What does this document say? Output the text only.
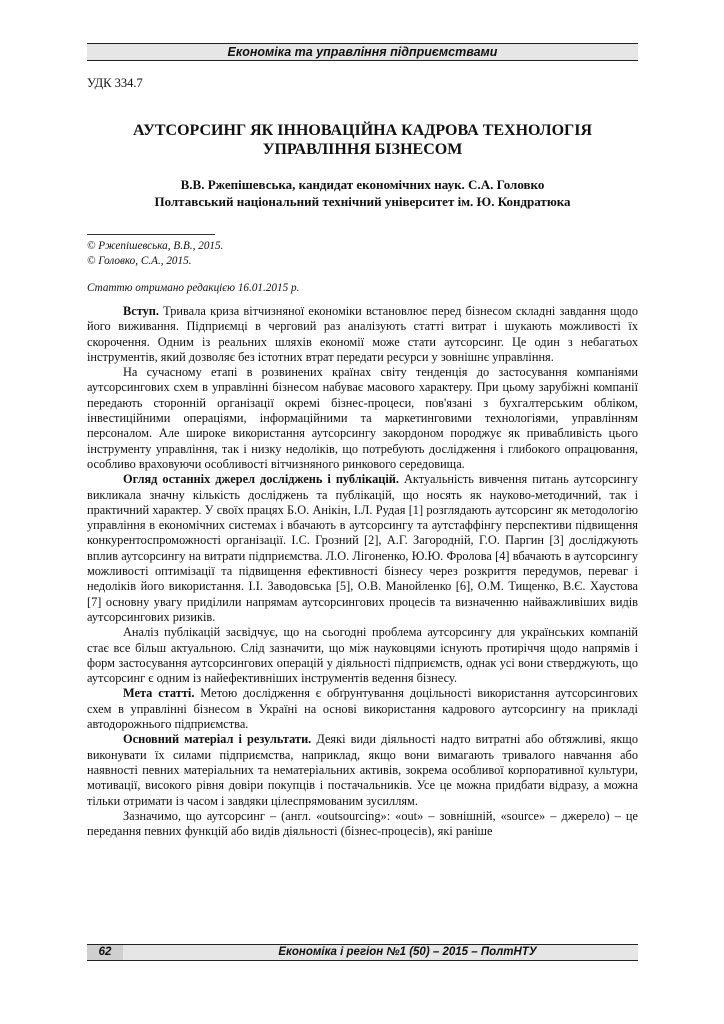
Економіка та управління підприємствами
УДК 334.7
АУТСОРСИНГ ЯК ІННОВАЦІЙНА КАДРОВА ТЕХНОЛОГІЯ
УПРАВЛІННЯ БІЗНЕСОМ
В.В. Ржепішевська, кандидат економічних наук. С.А. Головко
Полтавський національний технічний університет ім. Ю. Кондратюка
© Ржепішевська, В.В., 2015.
© Головко, С.А., 2015.
Статтю отримано редакцією 16.01.2015 р.

Вступ. Тривала криза вітчизняної економіки встановлює перед бізнесом складні завдання щодо його виживання. Підприємці в черговий раз аналізують статті витрат і шукають можливості їх скорочення. Одним із реальних шляхів економії може стати аутсорсинг. Це один з небагатьох інструментів, який дозволяє без істотних втрат передати ресурси у зовнішнє управління.

На сучасному етапі в розвинених країнах світу тенденція до застосування компаніями аутсорсингових схем в управлінні бізнесом набуває масового характеру. При цьому зарубіжні компанії передають сторонній організації окремі бізнес-процеси, пов'язані з бухгалтерським обліком, інвестиційними операціями, інформаційними та маркетинговими технологіями, управлінням персоналом. Але широке використання аутсорсингу закордоном породжує як привабливість цього інструменту управління, так і низку недоліків, що потребують дослідження і глибокого опрацювання, особливо враховуючи особливості вітчизняного ринкового середовища.

Огляд останніх джерел досліджень і публікацій. Актуальність вивчення питань аутсорсингу викликала значну кількість досліджень та публікацій, що носять як науково-методичний, так і практичний характер. У своїх працях Б.О. Анікін, І.Л. Рудая [1] розглядають аутсорсинг як методологію управління в економічних системах і вбачають в аутсорсингу та аутстаффінгу перспективи підвищення конкурентоспроможності організації. І.С. Грозний [2], А.Г. Загородній, Г.О. Паргин [3] досліджують вплив аутсорсингу на витрати підприємства. Л.О. Лігоненко, Ю.Ю. Фролова [4] вбачають в аутсорсингу можливості оптимізації та підвищення ефективності бізнесу через розкриття передумов, переваг і недоліків його використання. І.І. Заводовська [5], О.В. Манойленко [6], О.М. Тищенко, В.Є. Хаустова [7] основну увагу приділили напрямам аутсорсингових процесів та визначенню найважливіших видів аутсорсингових ризиків.

Аналіз публікацій засвідчує, що на сьогодні проблема аутсорсингу для українських компаній стає все більш актуальною. Слід зазначити, що між науковцями існують протиріччя щодо напрямів і форм застосування аутсорсингових операцій у діяльності підприємств, однак усі вони стверджують, що аутсорсинг є одним із найефективніших інструментів ведення бізнесу.

Мета статті. Метою дослідження є обґрунтування доцільності використання аутсорсингових схем в управлінні бізнесом в Україні на основі використання кадрового аутсорсингу на прикладі автодорожнього підприємства.

Основний матеріал і результати. Деякі види діяльності надто витратні або обтяжливі, якщо виконувати їх силами підприємства, наприклад, якщо вони вимагають тривалого навчання або наявності певних матеріальних та нематеріальних активів, зокрема особливої корпоративної культури, мотивації, високого рівня довіри покупців і постачальників. Усе це можна придбати відразу, а можна тільки отримати із часом і завдяки цілеспрямованим зусиллям.

Зазначимо, що аутсорсинг – (англ. «outsourcing»: «out» – зовнішній, «source» – джерело) – це передання певних функцій або видів діяльності (бізнес-процесів), які раніше

62	Економіка і регіон №1 (50) – 2015 – ПолтНТУ
